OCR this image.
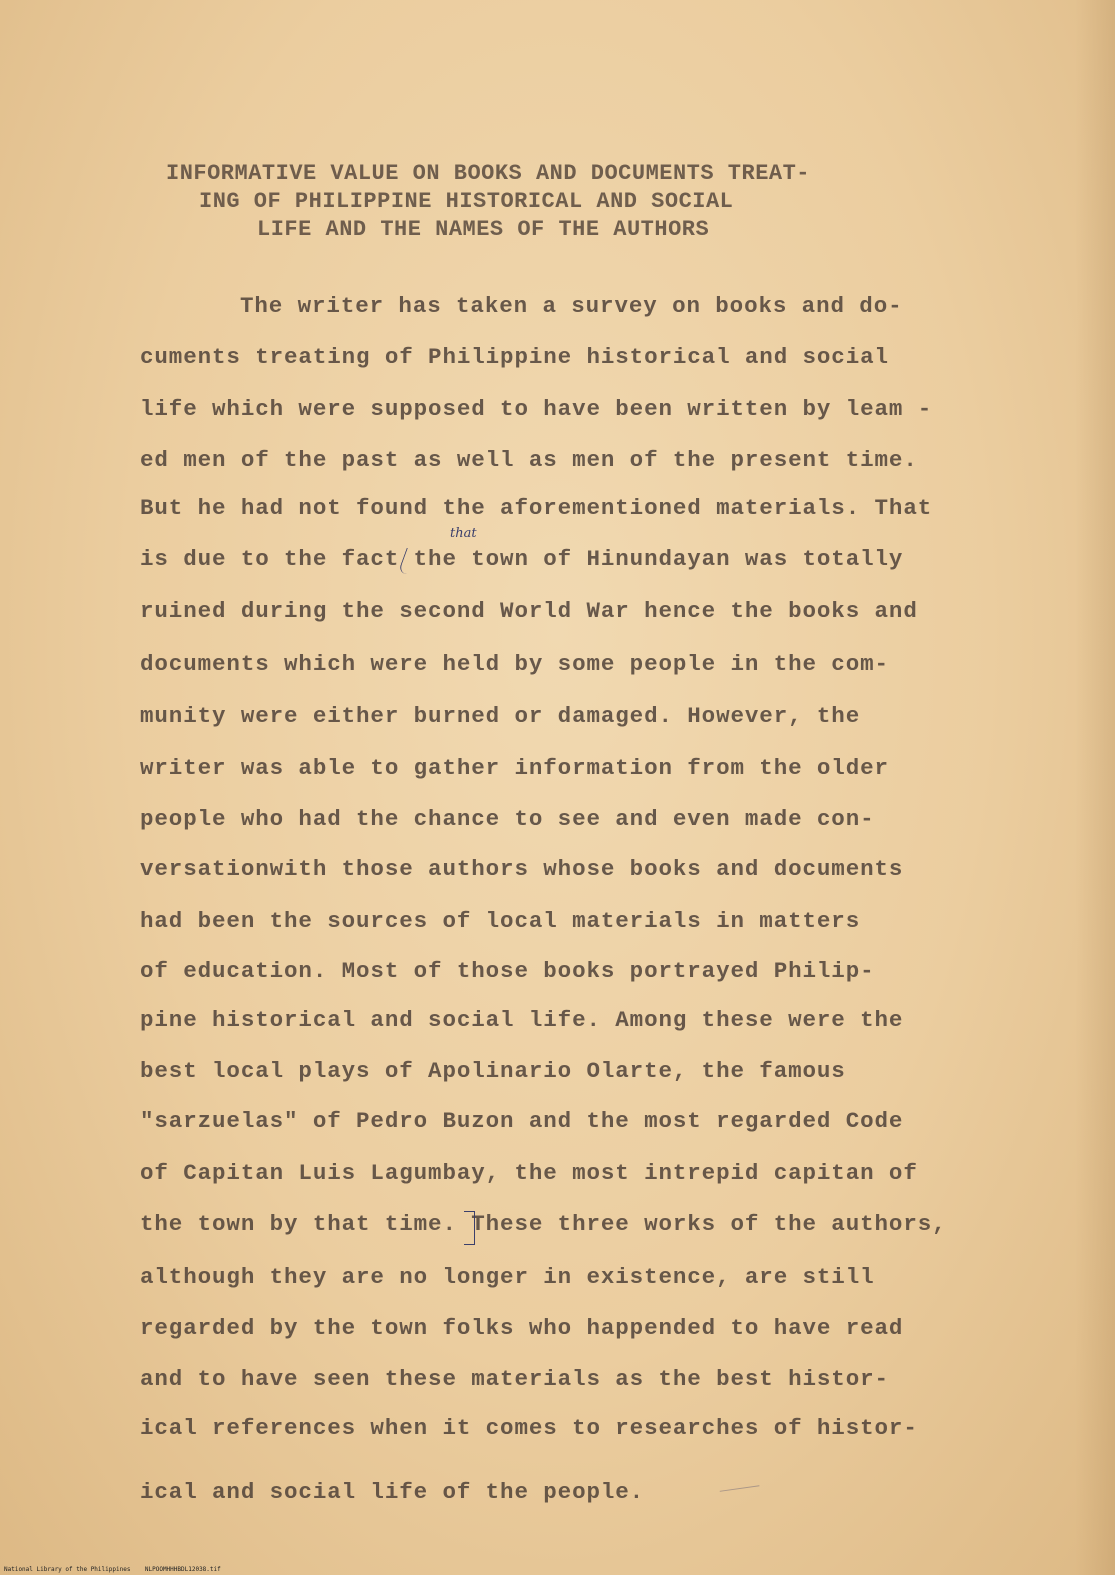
INFORMATIVE VALUE ON BOOKS AND DOCUMENTS TREAT-
ING OF PHILIPPINE HISTORICAL AND SOCIAL
LIFE AND THE NAMES OF THE AUTHORS
The writer has taken a survey on books and do-
cuments treating of Philippine historical and social
life which were supposed to have been written by leam -
ed men of the past as well as men of the present time.
But he had not found the aforementioned materials. That
is due to the fact the town of Hinundayan was totally
ruined during the second World War hence the books and
documents which were held by some people in the com-
munity were either burned or damaged. However, the
writer was able to gather information from the older
people who had the chance to see and even made con-
versationwith those authors whose books and documents
had been the sources of local materials in matters
of education. Most of those books portrayed Philip-
pine historical and social life. Among these were the
best local plays of Apolinario Olarte, the famous
"sarzuelas" of Pedro Buzon and the most regarded Code
of Capitan Luis Lagumbay, the most intrepid capitan of
the town by that time. These three works of the authors,
although they are no longer in existence, are still
regarded by the town folks who happended to have read
and to have seen these materials as the best histor-
ical references when it comes to researches of histor-
ical and social life of the people.
that
National Library of the Philippines    NLPOOMHHHBDL12038.tif
